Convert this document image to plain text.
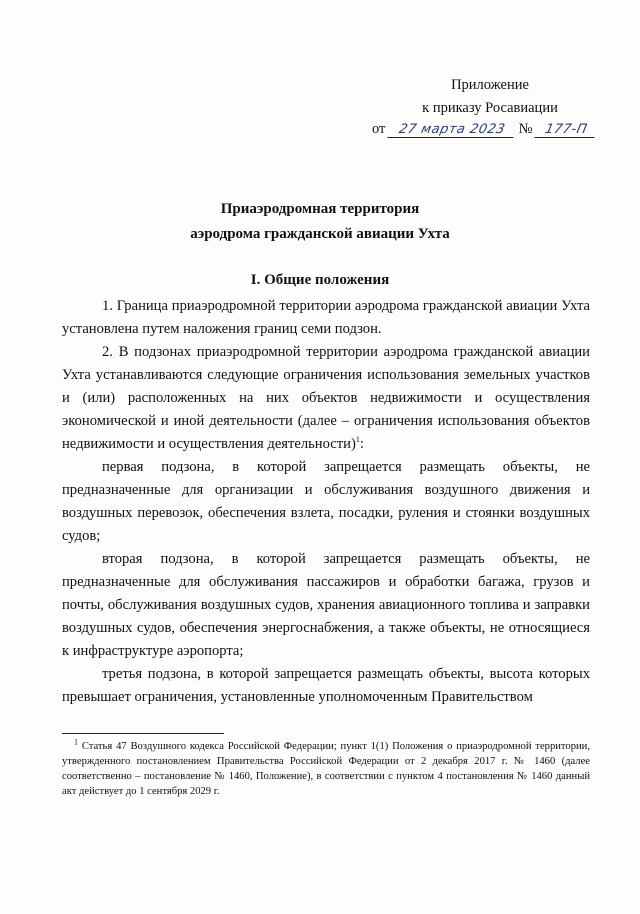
Приложение
к приказу Росавиации
от 27 марта 2023 № 177-П
Приаэродромная территория
аэродрома гражданской авиации Ухта
I. Общие положения

1. Граница приаэродромной территории аэродрома гражданской авиации Ухта установлена путем наложения границ семи подзон.

2. В подзонах приаэродромной территории аэродрома гражданской авиации Ухта устанавливаются следующие ограничения использования земельных участков и (или) расположенных на них объектов недвижимости и осуществления экономической и иной деятельности (далее – ограничения использования объектов недвижимости и осуществления деятельности)$^1$:

первая подзона, в которой запрещается размещать объекты, не предназначенные для организации и обслуживания воздушного движения и воздушных перевозок, обеспечения взлета, посадки, руления и стоянки воздушных судов;

вторая подзона, в которой запрещается размещать объекты, не предназначенные для обслуживания пассажиров и обработки багажа, грузов и почты, обслуживания воздушных судов, хранения авиационного топлива и заправки воздушных судов, обеспечения энергоснабжения, а также объекты, не относящиеся к инфраструктуре аэропорта;

третья подзона, в которой запрещается размещать объекты, высота которых превышает ограничения, установленные уполномоченным Правительством

$^1$ Статья 47 Воздушного кодекса Российской Федерации; пункт 1(1) Положения о приаэродромной территории, утвержденного постановлением Правительства Российской Федерации от 2 декабря 2017 г. № 1460 (далее соответственно – постановление № 1460, Положение), в соответствии с пунктом 4 постановления № 1460 данный акт действует до 1 сентября 2029 г.
